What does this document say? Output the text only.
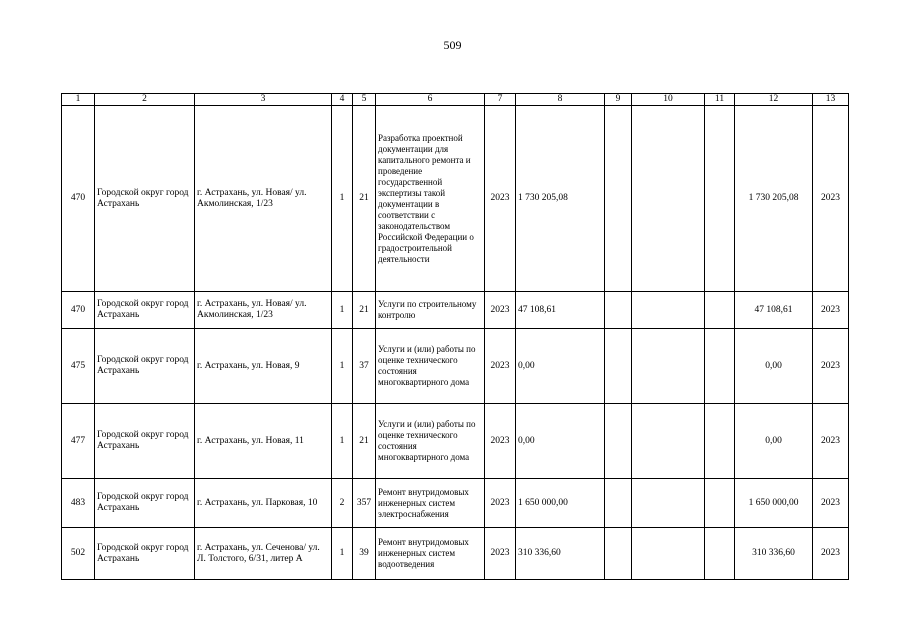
509
1	2	3	4	5	6	7	8	9	10	11	12	13
470	Городской округ город Астрахань	г. Астрахань, ул. Новая/ ул. Акмолинская, 1/23	1	21	Разработка проектной документации для капитального ремонта и проведение государственной экспертизы такой документации в соответствии с законодательством Российской Федерации о градостроительной деятельности	2023	1 730 205,08				1 730 205,08	2023
470	Городской округ город Астрахань	г. Астрахань, ул. Новая/ ул. Акмолинская, 1/23	1	21	Услуги по строительному контролю	2023	47 108,61				47 108,61	2023
475	Городской округ город Астрахань	г. Астрахань, ул. Новая, 9	1	37	Услуги и (или) работы по оценке технического состояния многоквартирного дома	2023	0,00				0,00	2023
477	Городской округ город Астрахань	г. Астрахань, ул. Новая, 11	1	21	Услуги и (или) работы по оценке технического состояния многоквартирного дома	2023	0,00				0,00	2023
483	Городской округ город Астрахань	г. Астрахань, ул. Парковая, 10	2	357	Ремонт внутридомовых инженерных систем электроснабжения	2023	1 650 000,00				1 650 000,00	2023
502	Городской округ город Астрахань	г. Астрахань, ул. Сеченова/ ул. Л. Толстого, 6/31, литер А	1	39	Ремонт внутридомовых инженерных систем водоотведения	2023	310 336,60				310 336,60	2023
